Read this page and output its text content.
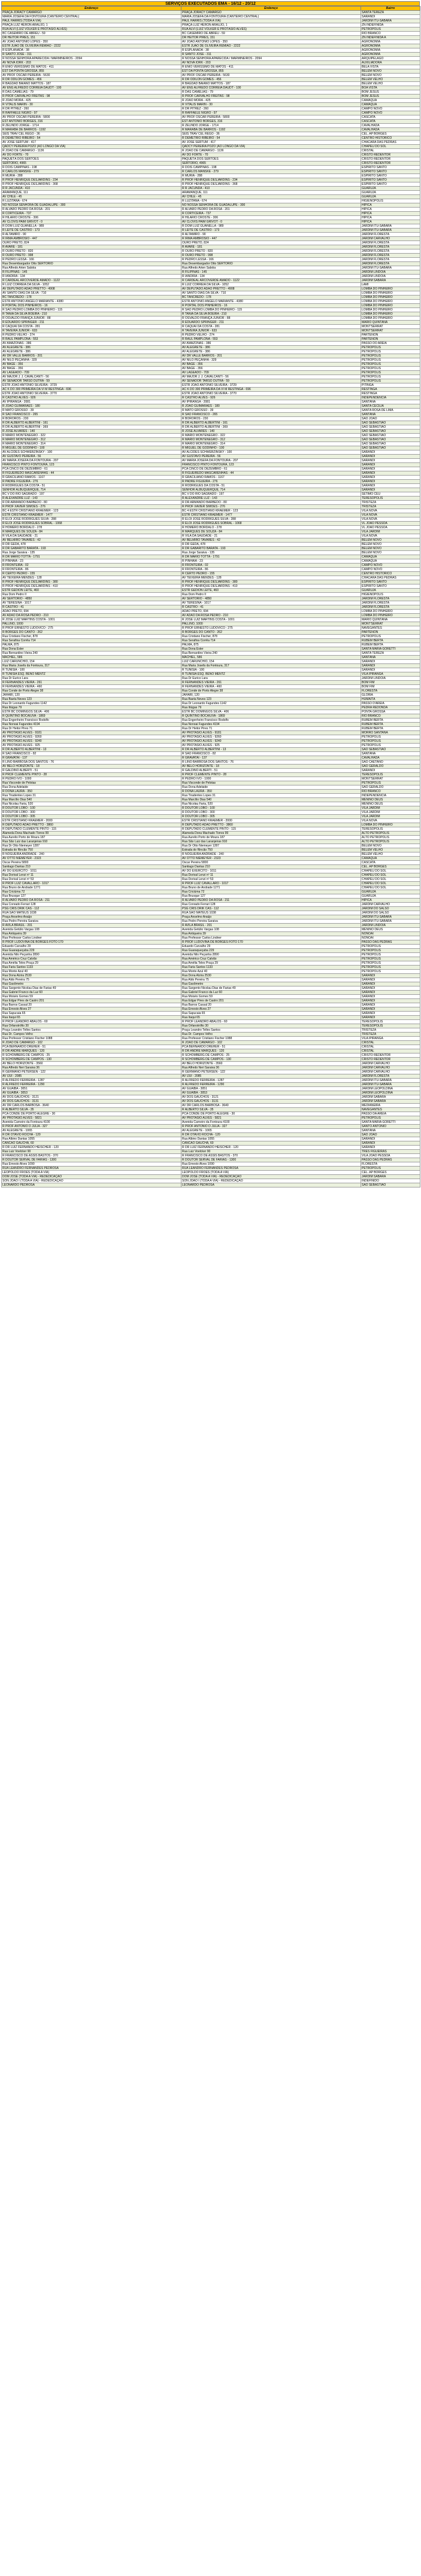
SERVIÇOS EXECUTADOS EMA - 16/12 - 20/12
Endereço	Endereço	Bairro
PRAÇA JORACY CAMARGO	PRAÇA JORACY CAMARGO	SANTA TEREZA
MARIA JOSEFA DA FONTOURA (CANTEIRO CENTRAL)	MARIA JOSEFA DA FONTOURA (CANTEIRO CENTRAL)	SARANDI
PAUL HARRIS (TODA A VIA)	PAUL HARRIS (TODA A VIA)	JARDIM ITÚ-SABARÁ
PRAÇA LUIZ HERON ARAÚJO, 1	PRAÇA LUIZ HERON ARAÚJO, 1	ZN INDEFINIDA
RUA ALVI (LUIZ VOLKER E PROTÁSIO ALVES)	RUA ALVI (LUIZ VOLKER E PROTÁSIO ALVES)	PETRÓPOLIS
BC CASEMIRO DE ABREU - 59	BC CASEMIRO DE ABREU - 59	RIO BRANCO
DR HEITOR PIRES, 151	DR HEITOR PIRES, 151	ZN INDEFINIDA A
AV JOAO ANTONIO LOPES - 350	AV JOAO ANTONIO LOPES - 350	AGRONOMIA
ESTR JUAO DE OLIVEIRA REMIAO - 2222	ESTR JUAO DE OLIVEIRA REMIAO - 2222	AGRONOMIA
R ESPLANADA - 38	R ESPLANADA - 38	AGRONOMIA
R SANTO JOSÉ - 311	R SANTO JOSÉ - 311	AGRONOMIA
R NOSSA SENHORA APARECIDA / MARMINEIROS - 2094	R NOSSA SENHORA APARECIDA / MARMINEIROS - 2094	ARQUIPÉLAGO
AV NOVA IORK - 203	AV NOVA IORK - 203	AUXILIADORA
R ENIO VERISSIMO DE MATOS - 411	R ENIO VERISSIMO DE MATOS - 411	BELA VISTA
EST DA PONTA GROSSA, 855	EST DA PONTA GROSSA, 855	BELÉM NOVO
AV PROF OSCAR PEREIRA - 5630	AV PROF OSCAR PEREIRA - 5630	BELÉM NOVO
R DR ODILON GOMES - 456	R DR ODILON GOMES - 456	BELÉM VELHO
R BAGDAD BAIANO MATTOS - 187	R BAGDAD BAIANO MATTOS - 187	BELÉM VELHO
AV ENG ALFREDO CORREIA DAUDT - 100	AV ENG ALFREDO CORREIA DAUDT - 100	BOA VISTA
R DAS CAMELIAS - 79	R DAS CAMELIAS - 79	BOM JESUS
R PROF CARVALHO FREITAS - 98	R PROF CARVALHO FREITAS - 98	BOM JESUS
R JOAO MORA - 425	R JOAO MORA - 425	CAMAQUÃ
R VITALIS MARIN - 30	R VITALIS MARIN - 30	CAMAQUÃ
R DR PITREZ - 260	R DR PITREZ - 260	CAMPO NOVO
R RAFFAELE NIGRO - 97	R RAFFAELE NIGRO - 97	CAMPO NOVO
AV PROF OSCAR PEREIRA - 5800	AV PROF OSCAR PEREIRA - 5800	CASCATA
EST ANTONIO BORGES, 316	EST ANTONIO BORGES, 316	CASCATA
R ZELINDO JORGE - 1714	R ZELINDO JORGE - 1714	CAVALHADA
R MARABÁ DE BARROS - 1192	R MARABÁ DE BARROS - 1192	CAVALHADA
SEIS TRAV CEL REGO - 36	SEIS TRAV CEL REGO - 36	CEL. AP BORGES
R DEMETRIO RIBEIRO - 54	R DEMETRIO RIBEIRO - 54	CENTRO HISTÓRICO
AV JOSE SERTUM - 417	AV JOSE SERTUM - 417	CHÁCARA DAS PEDRAS
QADCY PEREIRA POZO (AO LONGO DA VIA)	QADCY PEREIRA POZO (AO LONGO DA VIA)	CHAPÉU DO SOL
R JOAO DE CAMARGO - 1136	R JOAO DE CAMARGO - 1136	CRISTAL
AV DO FORTE - 70	AV DO FORTE - 70	CRISTO REDENTOR
PAQUETÁ DOS SERTOES	PAQUETÁ DOS SERTOES	CRISTO REDENTOR
SERTÓRIO, 4965	SERTÓRIO, 4965	CRISTO REDENTOR
R DOIS CAMPINAS - 198	R DOIS CAMPINAS - 198	ESPÍRITO SANTO
R CARLOS MANSKE - 279	R CARLOS MANSKE - 279	ESPÍRITO SANTO
R MURIA - 288	R MURIA - 288	ESPÍRITO SANTO
R PROF HENRIQUE DESJARDINS - 234	R PROF HENRIQUE DESJARDINS - 234	ESPÍRITO SANTO
R PROF HENRIQUE DESJARDINS - 368	R PROF HENRIQUE DESJARDINS - 368	ESPÍRITO SANTO
R R JACUNDA - 410	R R JACUNDA - 410	GUARUJÁ
ARAMANQUE, 111	ARAMANQUE, 111	GUARUJÁ
AV CHILE - 45	AV CHILE - 45	GUARUJÁ
R LUZITANA - 674	R LUZITANA - 674	HIGIENÓPOLIS
NO NOSSA SENHORA DE GUADALUPE - 300	NO NOSSA SENHORA DE GUADALUPE - 300	HÍPICA
R ALVARO PEDRO DA ROSA - 201	R ALVARO PEDRO DA ROSA - 201	HÍPICA
R CORTICEIRA - 737	R CORTICEIRA - 737	HÍPICA
R HILARIO CROSTE - 306	R HILARIO CROSTE - 306	HÍPICA
AV CLOVIS PAIM GRIVOT - 0	AV CLOVIS PAIM GRIVOT - 0	HÍPICA
R DOM LUIZ GUANELLA - 989	R DOM LUIZ GUANELLA - 989	JARDIM ITÚ-SABARÁ
R LEITE DE CASTRO - 173	R LEITE DE CASTRO - 173	JARDIM ITÚ-SABARÁ
R ALTAMIRO - 90	R ALTAMIRO - 90	JARDIM FLORESTA
R IRMA AMBROSIO - 447	R IRMA AMBROSIO - 447	JARDIM CARVALHO
OURO PRETO, 824	OURO PRETO, 824	JARDIM FLORESTA
R AVARE - 181	R AVARE - 181	JARDIM FLORESTA
R OURO PRETO - 820	R OURO PRETO - 820	JARDIM FLORESTA
R OURO PRETO - 998	R OURO PRETO - 998	JARDIM FLORESTA
R PEDRO LESSA - 166	R PEDRO LESSA - 166	JARDIM FLORESTA
Rua Desembargador Otto SERTÓRIO	Rua Desembargador Otto SERTÓRIO	JARDIM FLORESTA
Rua Alfredo Arten Sabóia	Rua Alfredo Arten Sabóia	JARDIM ITÚ-SABARÁ
R FILIPINAS - 145	R FILIPINAS - 145	JARDIM LINDÓIA
R IANDIRA - 134	R IANDIRA - 134	JARDIM LINDÓIA
R CARDEAL ARCOVERDE AMADO - 1122	R CARDEAL ARCOVERDE AMADO - 1122	JARDIM SABARÁ
R LUIZ CORREIA DA SILVA - 1052	R LUIZ CORREIA DA SILVA - 1052	LAMI
AV DEPUTADO ADAO PRETTO - 4908	AV DEPUTADO ADAO PRETTO - 4908	LOMBA DO PINHEIRO
AV SANTO DIAS DA SILVA - 710	AV SANTO DIAS DA SILVA - 710	LOMBA DO PINHEIRO
BC TANCREDO - 178	BC TANCREDO - 178	LOMBA DO PINHEIRO
ESTR ANTONIO ANGELO MARIANTE - 4380	ESTR ANTONIO ANGELO MARIANTE - 4380	LOMBA DO PINHEIRO
R PORTAL DOS PINHEIROS - 16	R PORTAL DOS PINHEIROS - 16	LOMBA DO PINHEIRO
R SAO PEDRO LOMBA DO PINHEIRO - 115	R SAO PEDRO LOMBA DO PINHEIRO - 115	LOMBA DO PINHEIRO
R TANIA DA SILVA BOEIRA - 210	R TANIA DA SILVA BOEIRA - 210	LOMBA DO PINHEIRO
R OSVALDO FRANÇA JÚNIOR - 88	R OSVALDO FRANÇA JÚNIOR - 88	LOMBA DO PINHEIRO
R EDUARDO SPRINGER - 211	R EDUARDO SPRINGER - 211	MARIO QUINTANA
R CAQUAI DA COSTA - 281	R CAQUAI DA COSTA - 281	MONT'SERRAT
R TAVEIRA JUNIOR - 633	R TAVEIRA JUNIOR - 633	MONT'SERRAT
R PEDRO VELHO - 274	R PEDRO VELHO - 274	PARTENON
R RAUL PAMPLONA - 553	R RAUL PAMPLONA - 553	PARTENON
AV AMAZONAS - 386	AV AMAZONAS - 386	PASSO DO AREIA
AV ALEGRETE - 386	AV ALEGRETE - 386	PETRÓPOLIS
AV ALEGRETE - 386	AV ALEGRETE - 386	PETRÓPOLIS
AV DR VALLE BARROS - 201	AV DR VALLE BARROS - 201	PETRÓPOLIS
AV NILO PEÇANHA - 329	AV NILO PEÇANHA - 329	PETRÓPOLIS
AV BAGE - 356	AV BAGE - 356	PETRÓPOLIS
AV BAGE - 356	AV BAGE - 356	PETRÓPOLIS
AV LAGEADO - 709	AV LAGEADO - 709	PETRÓPOLIS
AV MAJOR J. J. CAVALCANTI - 56	AV MAJOR J. J. CAVALCANTI - 56	PETRÓPOLIS
AV SENADOR TARSO DUTRA - 59	AV SENADOR TARSO DUTRA - 59	PETRÓPOLIS
ESTR JOAO ANTONIO SILVEIRA - 3729	ESTR JOAO ANTONIO SILVEIRA - 3729	PITINGA
AC K DO 300 PRIMEIRA DA VI M RESTINGA - 696	AC K DO 300 PRIMEIRA DA VI M RESTINGA - 696	RESTINGA
ESTR JOAO ANTONIO SILVEIRA - 3770	ESTR JOAO ANTONIO SILVEIRA - 3770	RESTINGA
R CASTRO ALVES - 926	R CASTRO ALVES - 926	INDEPENDÊNCIA
AV IPIRANGA - 2081	AV IPIRANGA - 2081	SANTANA
R JOAO GUIMARAES - 180	R JOAO GUIMARAES - 180	SANTA CECÍLIA
R MATO GROSSO - 39	R MATO GROSSO - 39	SANTA ROSA DE LIMA
R SAO FRANCISCO - 265	R SAO FRANCISCO - 265	SANTANA
R BOROROS - 230	R BOROROS - 230	SÃO JOÃO
R DR ALBERTO ALBERTINI - 161	R DR ALBERTO ALBERTINI - 161	SÃO SEBASTIÃO
R DR ALBERTO ALBERTINI - 369	R DR ALBERTO ALBERTINI - 369	SÃO SEBASTIÃO
R JOSE ALVARES - 140	R JOSE ALVARES - 140	SÃO SEBASTIÃO
R MARIO MONTENEGRO - 322	R MARIO MONTENEGRO - 322	SÃO SEBASTIÃO
R MARIO MONTENEGRO - 312	R MARIO MONTENEGRO - 312	SÃO SEBASTIÃO
R MARIO MONTENEGRO - 314	R MARIO MONTENEGRO - 314	SÃO SEBASTIÃO
R MIGUEL DE GODINHO - 100	R MIGUEL DE GODINHO - 100	SÃO SEBASTIÃO
AV ALCIDES SCHWERZINSKY - 100	AV ALCIDES SCHWERZINSKY - 100	SARANDI
AV GUSTAVO PEREIRA - 56	AV GUSTAVO PEREIRA - 56	SARANDI
AV MARIA JOSEFA DA FONTOURA - 207	AV MARIA JOSEFA DA FONTOURA - 207	SARANDI
FRANCISCO PINTO FONTOURA, 123	FRANCISCO PINTO FONTOURA, 123	SARANDI
PCA CINCO DE DEZEMBRO - 61	PCA CINCO DE DEZEMBRO - 61	SARANDI
R FIGUEIREDO MASCARENHAS - 44	R FIGUEIREDO MASCARENHAS - 44	SARANDI
R GRACILIANO RAMOS - 1167	R GRACILIANO RAMOS - 1167	SARANDI
R PADRE FIGUEIRA - 276	R PADRE FIGUEIRA - 276	SARANDI
R RODRIGUES DA COSTA - 51	R RODRIGUES DA COSTA - 51	SARANDI
SENHOR ALBUQUERQUE, 714	SENHOR ALBUQUERQUE, 714	SARANDI
BC V DO RIO SAGRADO - 197	BC V DO RIO SAGRADO - 197	SÉTIMO CÉU
R ALEXANDRE LUZ - 143	R ALEXANDRE LUZ - 143	TERESÓPOLIS
R DR ARMANDO BARBEDO - 80	R DR ARMANDO BARBEDO - 80	TRISTEZA
R PROF XAVIER SIMOES - 276	R PROF XAVIER SIMOES - 276	TRISTEZA
BC 4 ESTR CRISTIANO KRAEMER - 123	BC 4 ESTR CRISTIANO KRAEMER - 123	VILA NOVA
ESTR CRISTIANO KRAEMER - 1477	ESTR CRISTIANO KRAEMER - 1477	VILA NOVA
R ELOI JOSE RODRIGUES SILVA - 288	R ELOI JOSE RODRIGUES SILVA - 288	VILA NOVA
R ELOI JOSE RODRIGUES SOBRAL - 1068	R ELOI JOSE RODRIGUES SOBRAL - 1068	VL JOAO PESSOA
R HOMERO BORDALO - 278	R HOMERO BORDALO - 278	VL JOAO PESSOA
R MARQUES DE SOUZA - 84	R MARQUES DE SOUZA - 84	VILA JARDIM
R VILA DA SAUDADE - 21	R VILA DA SAUDADE - 21	VILA NOVA
AV BELMIRO TAVARES - 42	AV BELMIRO TAVARES - 42	BELÉM NOVO
R DR GEDA, 478	R DR GEDA, 478	BELÉM NOVO
R DR GABARITO BARATA - 193	R DR GABARITO BARATA - 193	BELÉM NOVO
Rua Jorge Saraiva - 135	Rua Jorge Saraiva - 135	BELÉM NOVO
R DR MARIO TOTTA - 1791	R DR MARIO TOTTA - 1791	CAMAQUÃ
R PINHAIA - 23	R PINHAIA - 23	CAMAQUÃ
R FRONTEIRA - 02	R FRONTEIRA - 02	CAMPO NOVO
R FRONTEIRA - 86	R FRONTEIRA - 86	CAMPO NOVO
R CERTO PEDRO - 155	R CERTO PEDRO - 155	CENTRO HISTÓRICO
AV TEIXEIRA MENDES - 128	AV TEIXEIRA MENDES - 128	CHÁCARA DAS PEDRAS
R PROF HENRIQUE DESJARDINS - 380	R PROF HENRIQUE DESJARDINS - 380	ESPÍRITO SANTO
R PROF HENRIQUE DESJARDINS - 410	R PROF HENRIQUE DESJARDINS - 410	ESPÍRITO SANTO
ESTR GEDION LEITE, 460	ESTR GEDION LEITE, 460	GUARUJÁ
Rua Dom Pedro II	Rua Dom Pedro II	HIGIENÓPOLIS
AV SERTORIO - 4850	AV SERTORIO - 4850	JARDIM FLORESTA
AV TERESINA - 1017	AV TERESINA - 1017	JARDIM FLORESTA
R CASTRO - 41	R CASTRO - 41	JARDIM FLORESTA
ADÃO PRETO, 694	ADÃO PRETO, 694	LOMBA DO PINHEIRO
AV ADAO DA ROSA PEDRO - 210	AV ADAO DA ROSA PEDRO - 210	LOMBA DO PINHEIRO
R JOSE LUIZ MARTINS COSTA - 1001	R JOSE LUIZ MARTINS COSTA - 1001	MARIO QUINTANA
PALLINO, 1000	PALLINO, 1000	MONT'SERRAT
R PROF ERNESTO LUDOVICO - 275	R PROF ERNESTO LUDOVICO - 275	NAVEGANTES
R BORGES DO CANTO - 262	R BORGES DO CANTO - 262	PARTENON
Rua Cristiano Fischer, 878	Rua Cristiano Fischer, 878	PETRÓPOLIS
Rua Serafina Corrêa 714	Rua Serafina Corrêa 714	RUBEM BERTA
PALMA, 875	PALMA, 875	RUBEM BERTA
Rua Dona Ester	Rua Dona Ester	SANTA MARIA GORETTI
Rua Bernardino Vieira 240	Rua Bernardino Vieira 240	SANTA TEREZA
MACHIEL, 586	MACHIEL, 586	SANTANA
LUIZ CARUNCHIO, 154	LUIZ CARUNCHIO, 154	SARANDI
Rua Maria Josefa da Fontoura, 317	Rua Maria Josefa da Fontoura, 317	SARANDI
R TUNISIA - 100	R TUNISIA - 100	SARANDI
R TUNISIA ESQ. BENO MENTZ	R TUNISIA ESQ. BENO MENTZ	VILA IPIRANGA
Rua Dr Eurico Lara	Rua Dr Eurico Lara	JARDIM LINDÓIA
R FERNANDES VIEIRA - 261	R FERNANDES VIEIRA - 261	BOM FIM
R FERNANDES VIEIRA - 460	R FERNANDES VIEIRA - 460	BOM FIM
Rua Conde de Porto Alegre 38	Rua Conde de Porto Alegre 38	FLORESTA
JAHARI, 120	JAHARI, 120	GLÓRIA
Rua Baeta Neves 123	Rua Baeta Neves 123	HUMAITÁ
Rua Dr Leonardo Fagundes 1142	Rua Dr Leonardo Fagundes 1142	PASSO D'AREIA
Rua Itiúgas 79	Rua Itiúgas 79	PEDRA REDONDA
ESTR BC DOMINGOS SILVA - 406	ESTR BC DOMINGOS SILVA - 406	PONTA GROSSA
R QUINTINO BOCAIUVA - 1869	R QUINTINO BOCAIUVA - 1869	RIO BRANCO
Rua Engenheiro Francisco Rodolfo	Rua Engenheiro Francisco Rodolfo	RUBEM BERTA
Rua Nonoai Fagundes 4194	Rua Nonoai Fagundes 4194	RUBEM BERTA
Rua Dr Heitor Pires 71	Rua Dr Heitor Pires 71	RUBEM BERTA
AV PROTASIO ALVES - 9181	AV PROTASIO ALVES - 9181	MORRO SANTANA
AV PROTASIO ALVES - 9260	AV PROTASIO ALVES - 9260	PETRÓPOLIS
AV PROTASIO ALVES - 9240	AV PROTASIO ALVES - 9240	PETRÓPOLIS
AV PROTASIO ALVES - 925	AV PROTASIO ALVES - 925	PETRÓPOLIS
R DR ALBERTO ALBERTINI - 13	R DR ALBERTO ALBERTINI - 13	SÃO SEBASTIÃO
R SAO FRANCISCO - 82	R SAO FRANCISCO - 82	SANTANA
R GRAVATAÍ - 137	R GRAVATAÍ - 137	CAVALHADA
R LINO BARBOSA DOS SANTOS - 76	R LINO BARBOSA DOS SANTOS - 76	SÃO CAETANO
AV BELO HORIZONTE - 18	AV BELO HORIZONTE - 18	SÃO GERALDO
R GALDINO ALBERTI - 51	R GALDINO ALBERTI - 51	SARANDI
R PROF CLEMENTE PINTO - 28	R PROF CLEMENTE PINTO - 28	TERESÓPOLIS
R PEDRO IVO - 1000	R PEDRO IVO - 1000	MONT'SERRAT
Rua Visconde de Pelotas	Rua Visconde de Pelotas	PETRÓPOLIS
Rua Dona Adelaide	Rua Dona Adelaide	SÃO GERALDO
R DONA LAURA - 350	R DONA LAURA - 350	RIO BRANCO
Rua Tiradentes Lopes 31	Rua Tiradentes Lopes 31	INDEPENDÊNCIA
Rua Marcílio Dias 540	Rua Marcílio Dias 540	MENINO DEUS
Rua Nicolau Faria, 520	Rua Nicolau Faria, 520	MENINO DEUS
R DOUTOR LOBO - 100	R DOUTOR LOBO - 100	VILA JARDIM
R DOUTOR LOBO - 300	R DOUTOR LOBO - 300	VILA JARDIM
R DOUTOR LOBO - 305	R DOUTOR LOBO - 305	VILA JARDIM
ESTR CRISTIANO KRAEMER - 2000	ESTR CRISTIANO KRAEMER - 2000	VILA NOVA
R DEPUTADO ADAO PRETTO - 3860	R DEPUTADO ADAO PRETTO - 3860	LOMBA DO PINHEIRO
R DEPUTADO CLEMENTE PINTO - 115	R DEPUTADO CLEMENTE PINTO - 115	TERESÓPOLIS
Alameda Dona Machado Torres 99	Alameda Dona Machado Torres 99	ALTO PETRÓPOLIS
Rua Aurelio Porto de Moura 187	Rua Aurelio Porto de Moura 187	ALTO PETRÓPOLIS
Rua São Luiz das Laranjeiras 910	Rua São Luiz das Laranjeiras 910	ALTO PETRÓPOLIS
Rua Dr Otto Niemeyer 1287	Rua Dr Otto Niemeyer 1287	BELÉM NOVO
Estrada do Rincão 750	Estrada do Rincão 750	BELÉM VELHO
R NOGUEIRA ANDRADE - 240	R NOGUEIRA ANDRADE - 240	BELÉM VELHO
AV OTTO NIEMEYER - 2323	AV OTTO NIEMEYER - 2323	CAMAQUÃ
Oscar Pereira 5800	Oscar Pereira 5800	CASCATA
Santiago Dantas 210	Santiago Dantas 210	CEL. AP BORGES
AV DO EXÉRCITO - 1011	AV DO EXÉRCITO - 1011	CHAPÉU DO SOL
Rua Dorival Lenzi nº 11	Rua Dorival Lenzi nº 11	CHAPÉU DO SOL
Rua Dorival Lenzi nº 53	Rua Dorival Lenzi nº 53	CHAPÉU DO SOL
R PROF LUIZ CAVALLARO - 1017	R PROF LUIZ CAVALLARO - 1017	CHAPÉU DO SOL
Rua Bruno de Andrade 1271	Rua Bruno de Andrade 1271	CHAPÉU DO SOL
Rua Criciúma 72	Rua Criciúma 72	GUARUJÁ
Rua Brusque 127	Rua Brusque 127	GUARUJÁ
R ALVARO PEDRO DA ROSA - 211	R ALVARO PEDRO DA ROSA - 211	HÍPICA
Rua Conrado Ferrari 128	Rua Conrado Ferrari 128	JARDIM CARVALHO
PSG CRIS DRIK CAS - 112	PSG CRIS DRIK CAS - 112	JARDIM DO SALSO
RUA SAO MATEUS 1038	RUA SAO MATEUS 1038	JARDIM DO SALSO
Praça Anselmo Araújo	Praça Anselmo Araújo	JARDIM ITÚ-SABARÁ
Rua Pedro Pereira Saraiva	Rua Pedro Pereira Saraiva	JARDIM ITÚ-SABARÁ
R AVILA BRASIL - 201	R AVILA BRASIL - 201	JARDIM LINDÓIA
Avenida Getúlio Vargas 108	Avenida Getúlio Vargas 108	MENINO DEUS
Rua Antiqueira 39	Rua Antiqueira 39	NONOAI
Rua Professor Carlos Lindner	Rua Professor Carlos Lindner	NONOAI
R PROF LUDOVINA DE BORGES FOTO 170	R PROF LUDOVINA DE BORGES FOTO 170	PASSO DAS PEDRAS
Eduardo Carvalho 29	Eduardo Carvalho 29	PETRÓPOLIS
Rua Guaraqueçaba 229	Rua Guaraqueçaba 229	PETRÓPOLIS
Avenida Nilo Peçanha 2890	Avenida Nilo Peçanha 2890	PETRÓPOLIS
Rua Américo Cruz Calvão	Rua Américo Cruz Calvão	PETRÓPOLIS
Rua Amélia Teles Praça 29	Rua Amélia Teles Praça 29	PETRÓPOLIS
Rua Faria Santos 1133	Rua Faria Santos 1133	PETRÓPOLIS
Rua Monte Azul 40	Rua Monte Azul 40	PETRÓPOLIS
Rua Dona Alzira 2530	Rua Dona Alzira 2530	SARANDI
Rua Aldo Pereira 75	Rua Aldo Pereira 75	SARANDI
Rua Gasômetro	Rua Gasômetro	SARANDI
Rua Sargento Nicolau Dias de Farias 49	Rua Sargento Nicolau Dias de Farias 49	SARANDI
Rua Gabriel Franco da Luz 60	Rua Gabriel Franco da Luz 60	SARANDI
Rua Moisés Gomes 59	Rua Moisés Gomes 59	SARANDI
Rua Edgar Pires de Castro 201	Rua Edgar Pires de Castro 201	SARANDI
Rua Barros Cassal 20	Rua Barros Cassal 20	SARANDI
Rua Ernesto Alves 27	Rua Ernesto Alves 27	SARANDI
Rua Sapucaia 65	Rua Sapucaia 65	SARANDI
Rua Itaqui 65	Rua Itaqui 65	SARANDI
R PROF LEANDRO ABALOS - 60	R PROF LEANDRO ABALOS - 60	TERESÓPOLIS
Rua Orfanotrófio 30	Rua Orfanotrófio 30	TERESÓPOLIS
Praça Leandro Telles Santos	Praça Leandro Telles Santos	TRISTEZA
Rua Dr. Campos Velho	Rua Dr. Campos Velho	TRISTEZA
Rua Professor Cristiano Fischer 1088	Rua Professor Cristiano Fischer 1088	VILA IPIRANGA
R JOAO DE CAMARGO - 102	R JOAO DE CAMARGO - 102	CRISTAL
PCA BERNARDO DREHER - 51	PCA BERNARDO DREHER - 51	CRISTAL
R DR ANDRE MARQUES - 120	R DR ANDRE MARQUES - 120	CRISTAL
R SCHOMBERG DE CAMPOS - 25	R SCHOMBERG DE CAMPOS - 25	CRISTO REDENTOR
R SCHOMBERG DE CAMPOS - 130	R SCHOMBERG DE CAMPOS - 130	CRISTO REDENTOR
AV BELO HORIZONTE - 3560	AV BELO HORIZONTE - 3560	JARDIM CARVALHO
Rua Alfredo Neri Saraiva 36	Rua Alfredo Neri Saraiva 36	JARDIM CARVALHO
R GERMANO PETERSEN - 122	R GERMANO PETERSEN - 122	JARDIM CARVALHO
AV IJUI - 2085	AV IJUI - 2085	JARDIM FLORESTA
R ALFREDO FERREIRA - 1287	R ALFREDO FERREIRA - 1287	JARDIM ITÚ-SABARÁ
R ALFREDO FERREIRA - 1290	R ALFREDO FERREIRA - 1290	JARDIM ITÚ-SABARÁ
AV GUAIBA - 3051	AV GUAIBA - 3051	JARDIM LEOPOLDINA
AV GUAIBA - 3053	AV GUAIBA - 3053	JARDIM LEOPOLDINA
AV DOS GAUCHOS - 3121	AV DOS GAUCHOS - 3121	JARDIM SABARÁ
AV DOS GAUCHOS - 3131	AV DOS GAUCHOS - 3131	JARDIM SABARÁ
AV DR CARLOS BARBOSA - 3640	AV DR CARLOS BARBOSA - 3640	MEDIANEIRA
R ALBERTO SILVA - 35	R ALBERTO SILVA - 35	NAVEGANTES
PCA CONDE DE PORTO ALEGRE - 30	PCA CONDE DE PORTO ALEGRE - 30	PASSO DA AREIA
AV PROTASIO ALVES - 5821	AV PROTASIO ALVES - 5821	PETRÓPOLIS
Avenida Carneiro da Fontoura 4100	Avenida Carneiro da Fontoura 4100	SANTA MARIA GORETTI
R PROF ANTONIO D JULIA - 327	R PROF ANTONIO D JULIA - 327	SANTO ANTÔNIO
AV ALEGRETE - 1065	AV ALEGRETE - 1065	SANTANA
R DR OTAVIO ROCHA - 120	R DR OTAVIO ROCHA - 120	SÃO JOÃO
Rua Albino Dantas 1055	Rua Albino Dantas 1055	SARANDI
CANCAO GAUCHA, 60	CANCAO GAUCHA, 60	SARANDI
R DR LUIZ FERNANDO HEISCHER - 120	R DR LUIZ FERNANDO HEISCHER - 120	SARANDI
Rua Luiz Voelcker 90	Rua Luiz Voelcker 90	TRÊS FIGUEIRAS
R FRANCISCO DE ASSIS BASTOS - 370	R FRANCISCO DE ASSIS BASTOS - 370	VILA JOÃO PESSOA
R DOUTOR SERVAL DE FARIAS - 1300	R DOUTOR SERVAL DE FARIAS - 1300	PASSO DAS PEDRAS
Rua Ernesto Alves 1090	Rua Ernesto Alves 1090	FLORESTA
RUA LEANDRO FERNANDES PEDROSA	RUA LEANDRO FERNANDES PEDROSA	PETRÓPOLIS
LEOPOLDO FRÓES (TODA A VIA)	LEOPOLDO FRÓES (TODA A VIA)	CEL. AP BORGES
DOM JOSÉ (TODA A VIA) - REDEDICAÇÃO	DOM JOSÉ (TODA A VIA) - REDEDICAÇÃO	JARDIM SABARÁ
SON JOÃO I (TODA A VIA) - REDEDICAÇÃO	SON JOÃO I (TODA A VIA) - REDEDICAÇÃO	INDEFINIDO
LEONARDO PEDROSA	LEONARDO PEDROSA	SÃO SEBASTIÃO
